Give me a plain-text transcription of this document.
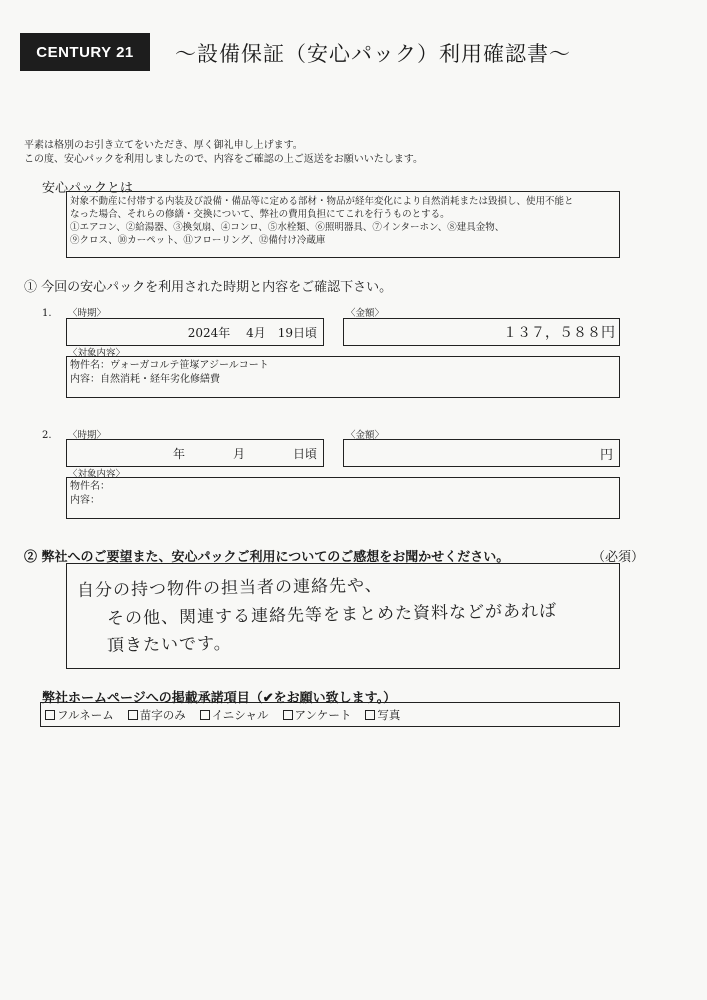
CENTURY 21 ～設備保証（安心パック）利用確認書～
平素は格別のお引き立てをいただき、厚く御礼申し上げます。
この度、安心パックを利用しましたので、内容をご確認の上ご返送をお願いいたします。
安心パックとは
対象不動産に付帯する内装及び設備・備品等に定める部材・物品が経年変化により自然消耗または毀損し、使用不能と
なった場合、それらの修繕・交換について、弊社の費用負担にてこれを行うものとする。
①エアコン、②給湯器、③換気扇、④コンロ、⑤水栓類、⑥照明器具、⑦インターホン、⑧建具金物、
⑨クロス、⑩カーペット、⑪フローリング、⑫備付け冷蔵庫
① 今回の安心パックを利用された時期と内容をご確認下さい。
1. 〈時期〉
2024年　 4月　19日頃
〈金額〉
１３７，５８８円
〈対象内容〉
物件名：ヴォーガコルテ笹塚アジールコート
内容：自然消耗・経年劣化修繕費
2. 〈時期〉
年　　　　月　　　　日頃
〈金額〉
円
〈対象内容〉
物件名：
内容：
② 弊社へのご要望また、安心パックご利用についてのご感想をお聞かせください。	（必須）
自分の持つ物件の担当者の連絡先や、
その他、関連する連絡先等をまとめた資料などがあれば
頂きたいです。
弊社ホームページへの掲載承諾項目（✔をお願い致します。）
フルネーム 苗字のみ イニシャル アンケート 写真
